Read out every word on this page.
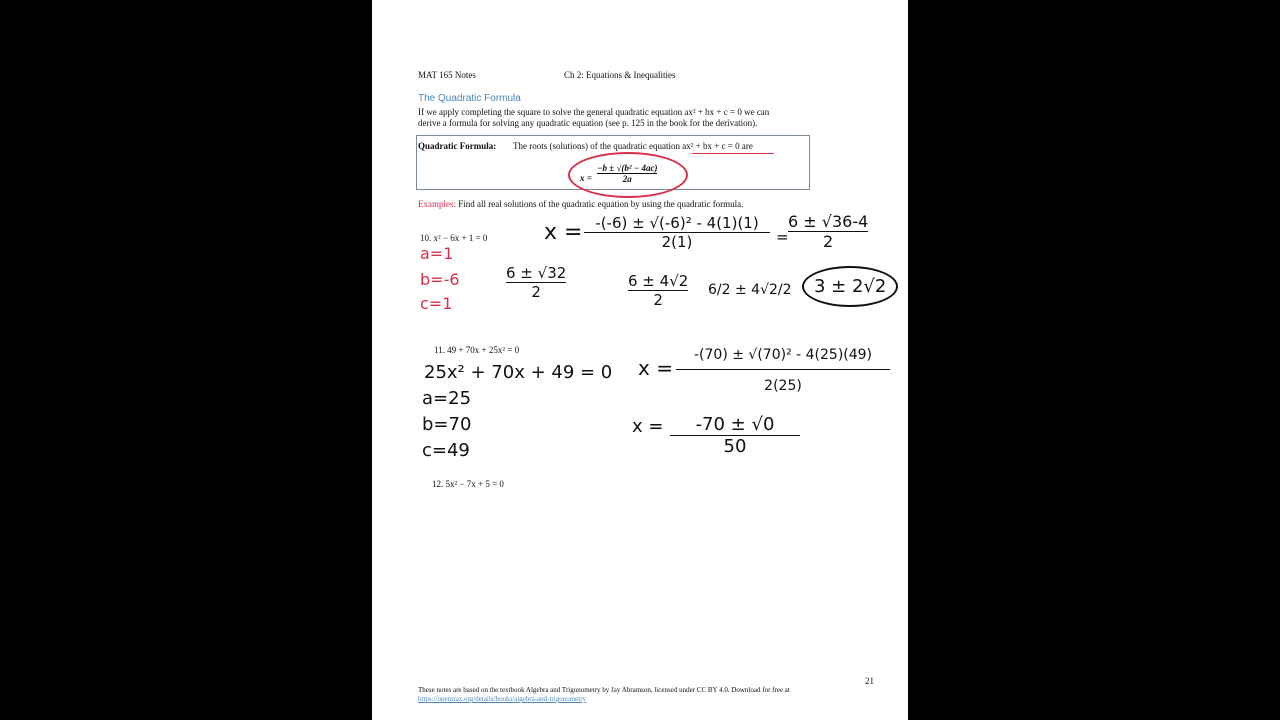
MAT 165 Notes	Ch 2: Equations & Inequalities
The Quadratic Formula
If we apply completing the square to solve the general quadratic equation ax² + bx + c = 0 we can
derive a formula for solving any quadratic equation (see p. 125 in the book for the derivation).
Quadratic Formula: The roots (solutions) of the quadratic equation ax² + bx + c = 0 are
$x = \frac{\text{−b ± √(b² − 4ac)}}{2a}$
Examples: Find all real solutions of the quadratic equation by using the quadratic formula.
10. x² − 6x + 1 = 0
11. 49 + 70x + 25x² = 0
12. 5x² − 7x + 5 = 0
a=1
b=-6
c=1
$x = \frac{\text{-(-6) ± √(-6)² - 4(1)(1)}}{2(1)} = \frac{6 \pm √36-4}{2}$
$\frac{6 \pm √32}{2}$	$\frac{6 \pm 4√2}{2} 6/2 \pm 4√2/2$	3 ± 2√2
25x² + 70x + 49 = 0
a=25
b=70
c=49
$x = \frac{\text{-(70) ± √(70)² - 4(25)(49)}}{2(25)}$
$x = \frac{-70 \pm √0}{50}$
21
These notes are based on the textbook Algebra and Trigonometry by Jay Abramson, licensed under CC BY 4.0. Download for free at
https://openstax.org/details/books/algebra-and-trigonometry
